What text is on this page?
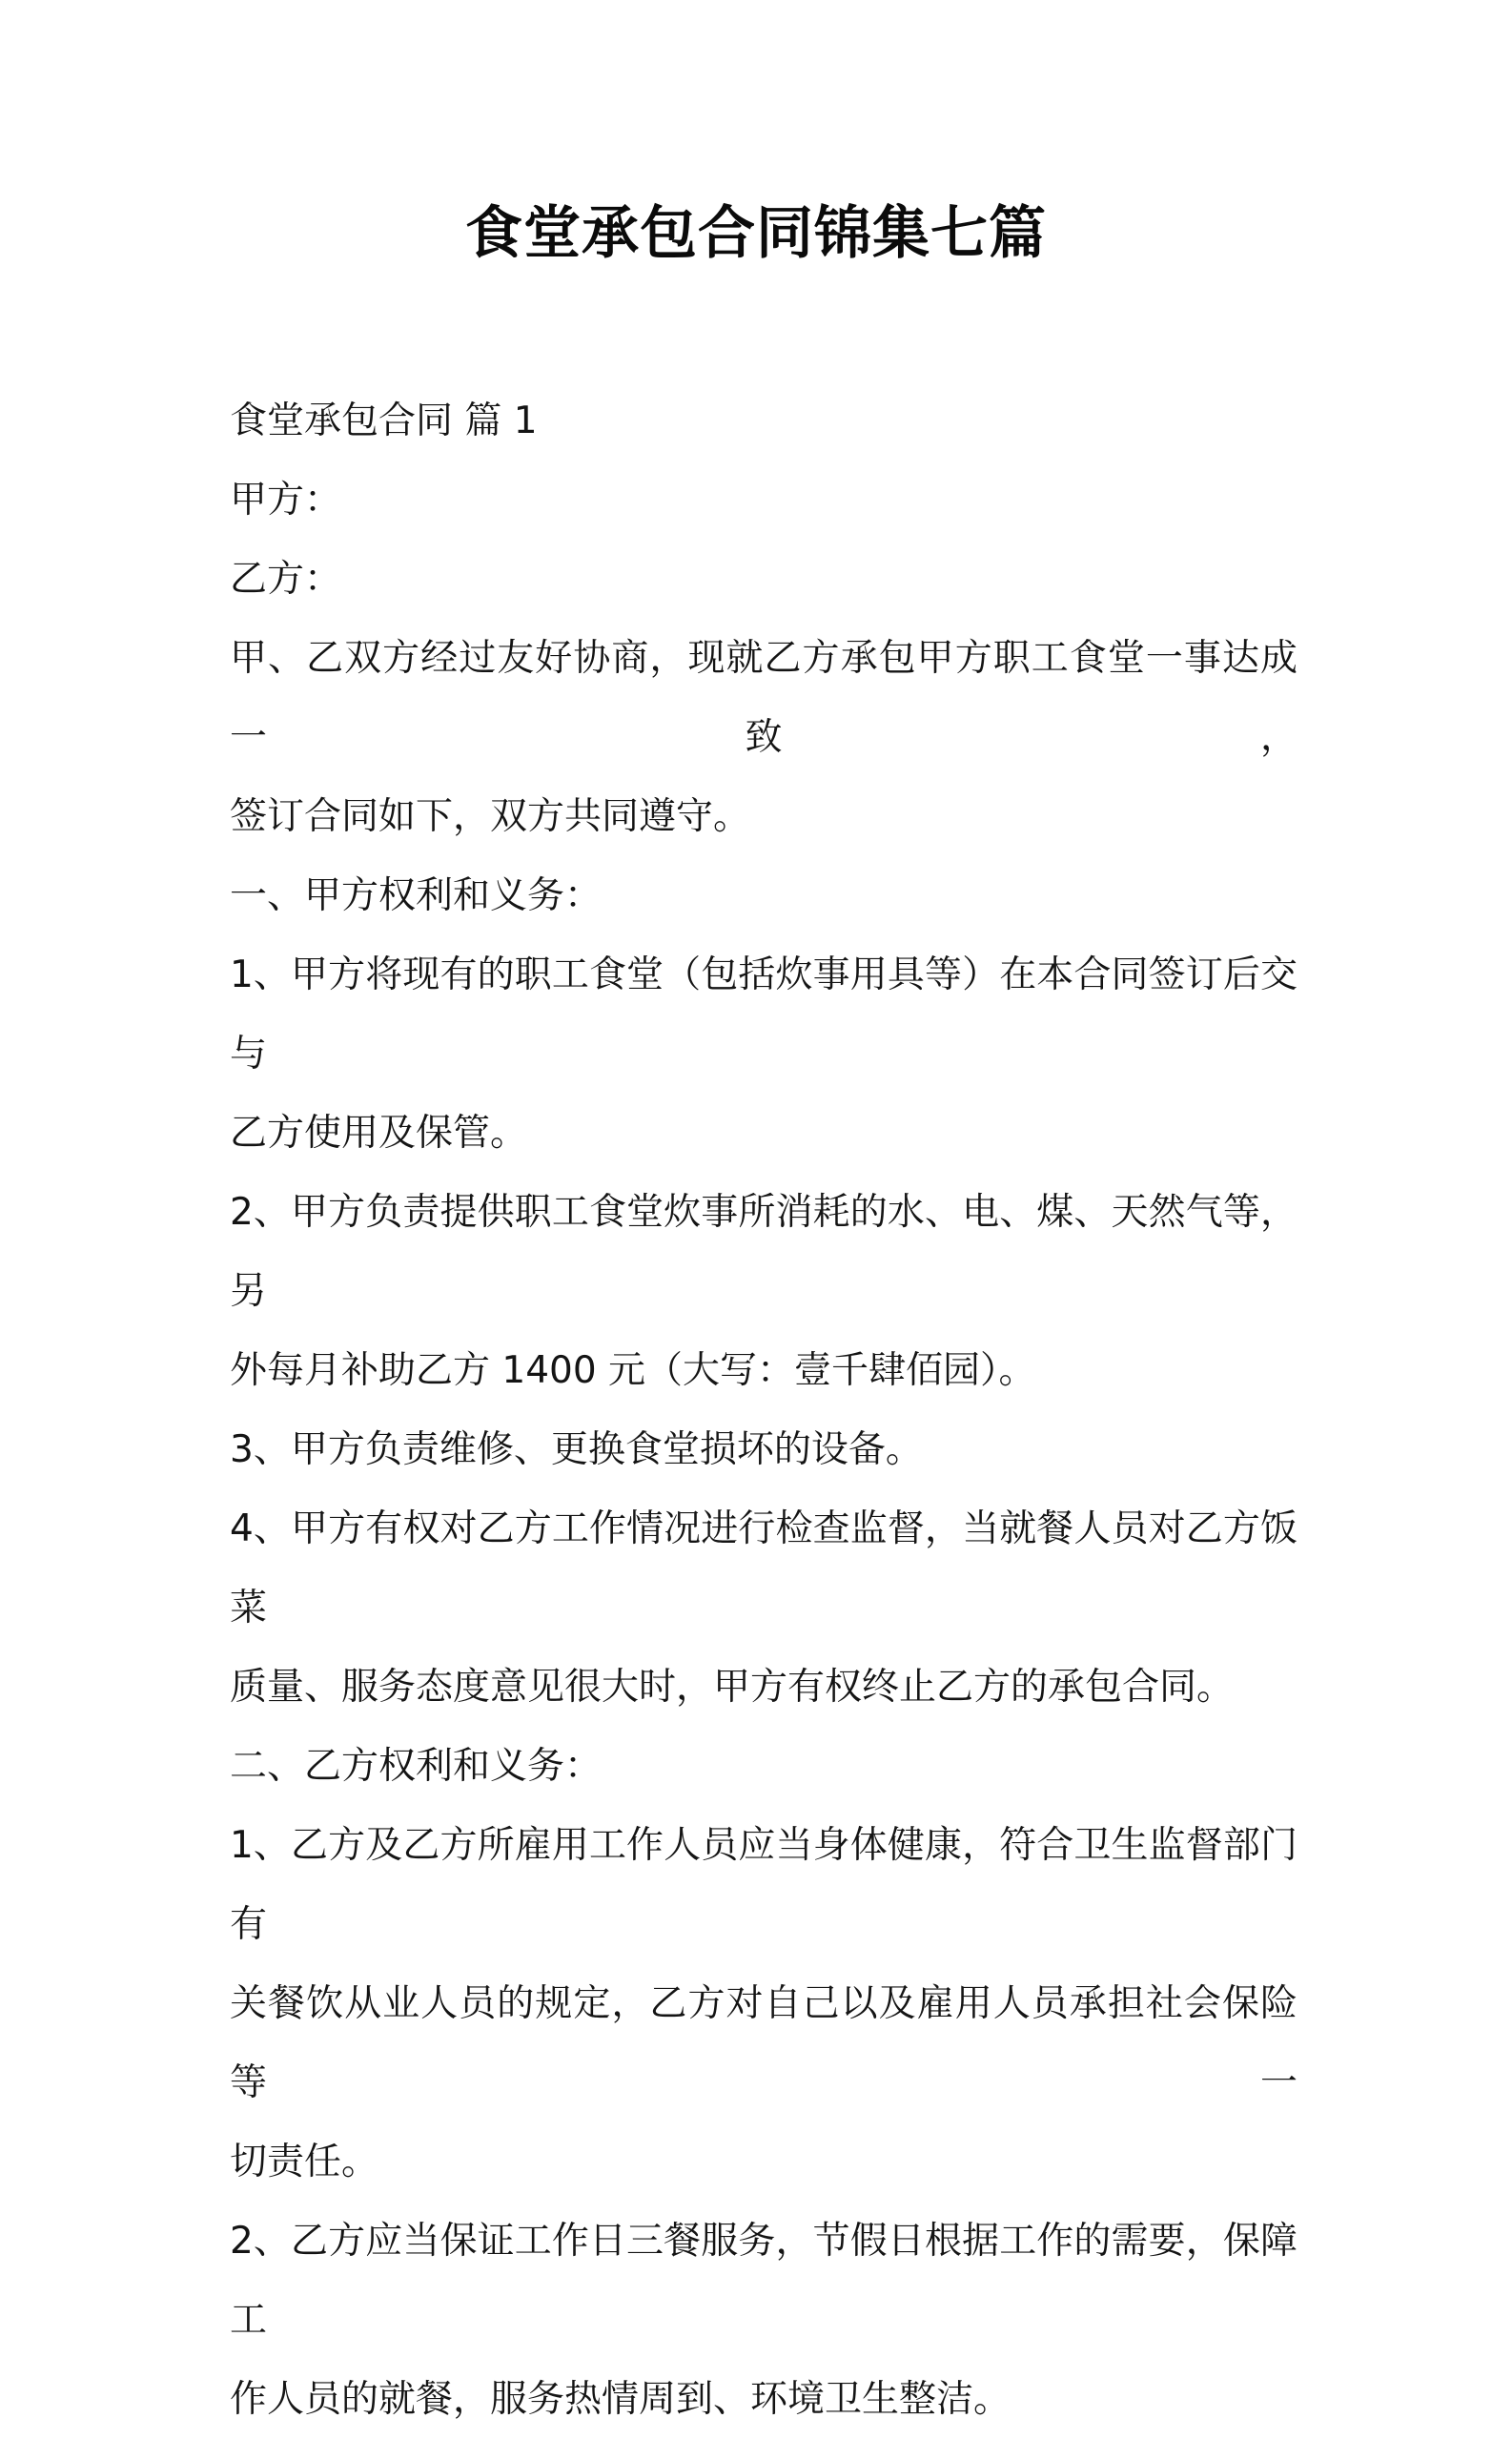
食堂承包合同锦集七篇

食堂承包合同 篇 1

甲方：

乙方：

甲、乙双方经过友好协商，现就乙方承包甲方职工食堂一事达成一致，
签订合同如下，双方共同遵守。

一、甲方权利和义务：

1、甲方将现有的职工食堂（包括炊事用具等）在本合同签订后交与
乙方使用及保管。

2、甲方负责提供职工食堂炊事所消耗的水、电、煤、天然气等，另
外每月补助乙方 1400 元（大写：壹千肆佰园）。

3、甲方负责维修、更换食堂损坏的设备。

4、甲方有权对乙方工作情况进行检查监督，当就餐人员对乙方饭菜
质量、服务态度意见很大时，甲方有权终止乙方的承包合同。

二、乙方权利和义务：

1、乙方及乙方所雇用工作人员应当身体健康，符合卫生监督部门有
关餐饮从业人员的规定，乙方对自己以及雇用人员承担社会保险等一
切责任。

2、乙方应当保证工作日三餐服务，节假日根据工作的需要，保障工
作人员的就餐，服务热情周到、环境卫生整洁。
